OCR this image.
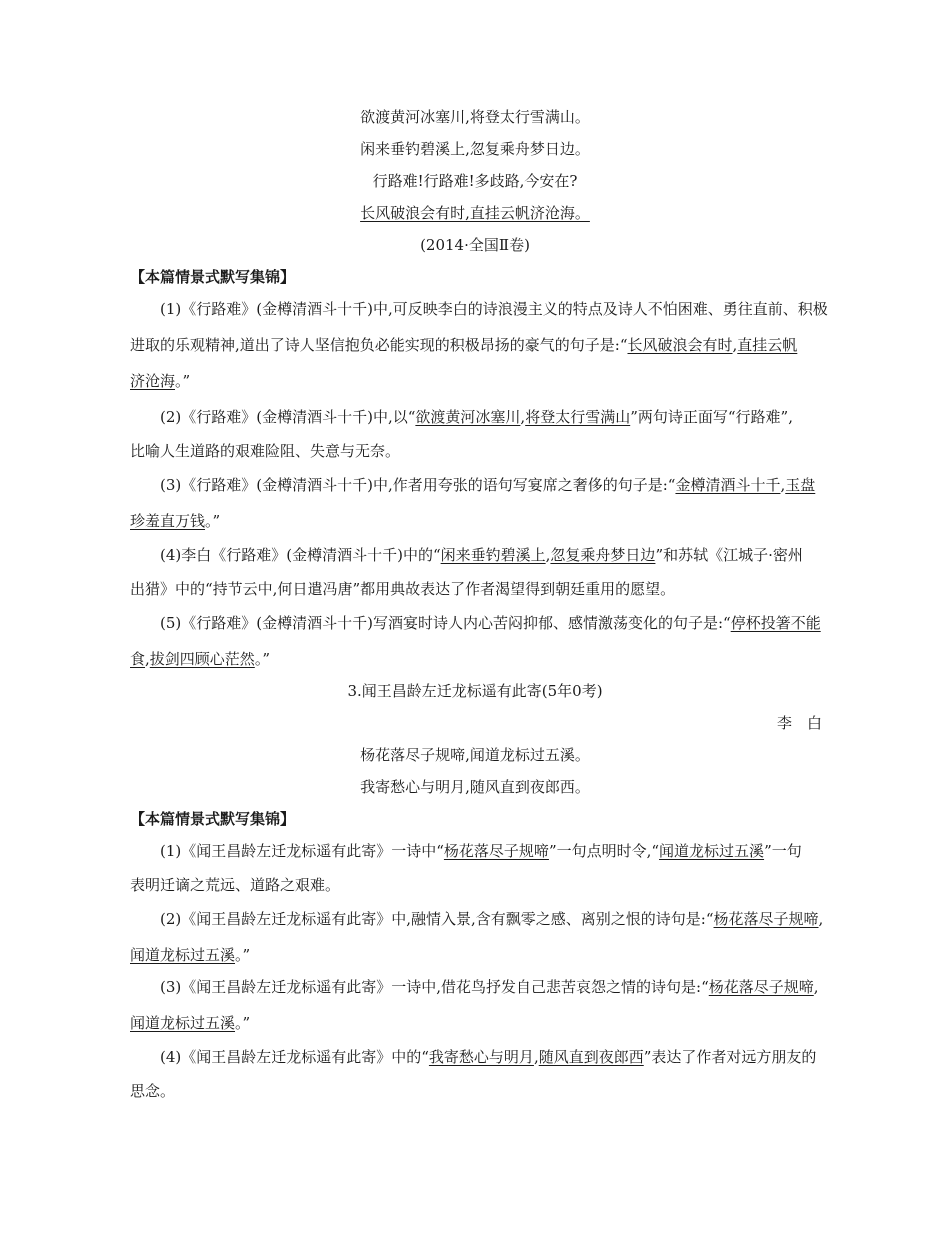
欲渡黄河冰塞川,将登太行雪满山。
闲来垂钓碧溪上,忽复乘舟梦日边。
行路难!行路难!多歧路,今安在?
长风破浪会有时,直挂云帆济沧海。
(2014·全国Ⅱ卷)
【本篇情景式默写集锦】
(1)《行路难》(金樽清酒斗十千)中,可反映李白的诗浪漫主义的特点及诗人不怕困难、勇往直前、积极
进取的乐观精神,道出了诗人坚信抱负必能实现的积极昂扬的豪气的句子是:“长风破浪会有时,直挂云帆
济沧海。”
(2)《行路难》(金樽清酒斗十千)中,以“欲渡黄河冰塞川,将登太行雪满山”两句诗正面写“行路难”,
比喻人生道路的艰难险阻、失意与无奈。
(3)《行路难》(金樽清酒斗十千)中,作者用夸张的语句写宴席之奢侈的句子是:“金樽清酒斗十千,玉盘
珍羞直万钱。”
(4)李白《行路难》(金樽清酒斗十千)中的“闲来垂钓碧溪上,忽复乘舟梦日边”和苏轼《江城子·密州
出猎》中的“持节云中,何日遣冯唐”都用典故表达了作者渴望得到朝廷重用的愿望。
(5)《行路难》(金樽清酒斗十千)写酒宴时诗人内心苦闷抑郁、感情激荡变化的句子是:“停杯投箸不能
食,拔剑四顾心茫然。”
3.闻王昌龄左迁龙标遥有此寄(5年0考)
李　白
杨花落尽子规啼,闻道龙标过五溪。
我寄愁心与明月,随风直到夜郎西。
【本篇情景式默写集锦】
(1)《闻王昌龄左迁龙标遥有此寄》一诗中“杨花落尽子规啼”一句点明时令,“闻道龙标过五溪”一句
表明迁谪之荒远、道路之艰难。
(2)《闻王昌龄左迁龙标遥有此寄》中,融情入景,含有飘零之感、离别之恨的诗句是:“杨花落尽子规啼,
闻道龙标过五溪。”
(3)《闻王昌龄左迁龙标遥有此寄》一诗中,借花鸟抒发自己悲苦哀怨之情的诗句是:“杨花落尽子规啼,
闻道龙标过五溪。”
(4)《闻王昌龄左迁龙标遥有此寄》中的“我寄愁心与明月,随风直到夜郎西”表达了作者对远方朋友的
思念。
